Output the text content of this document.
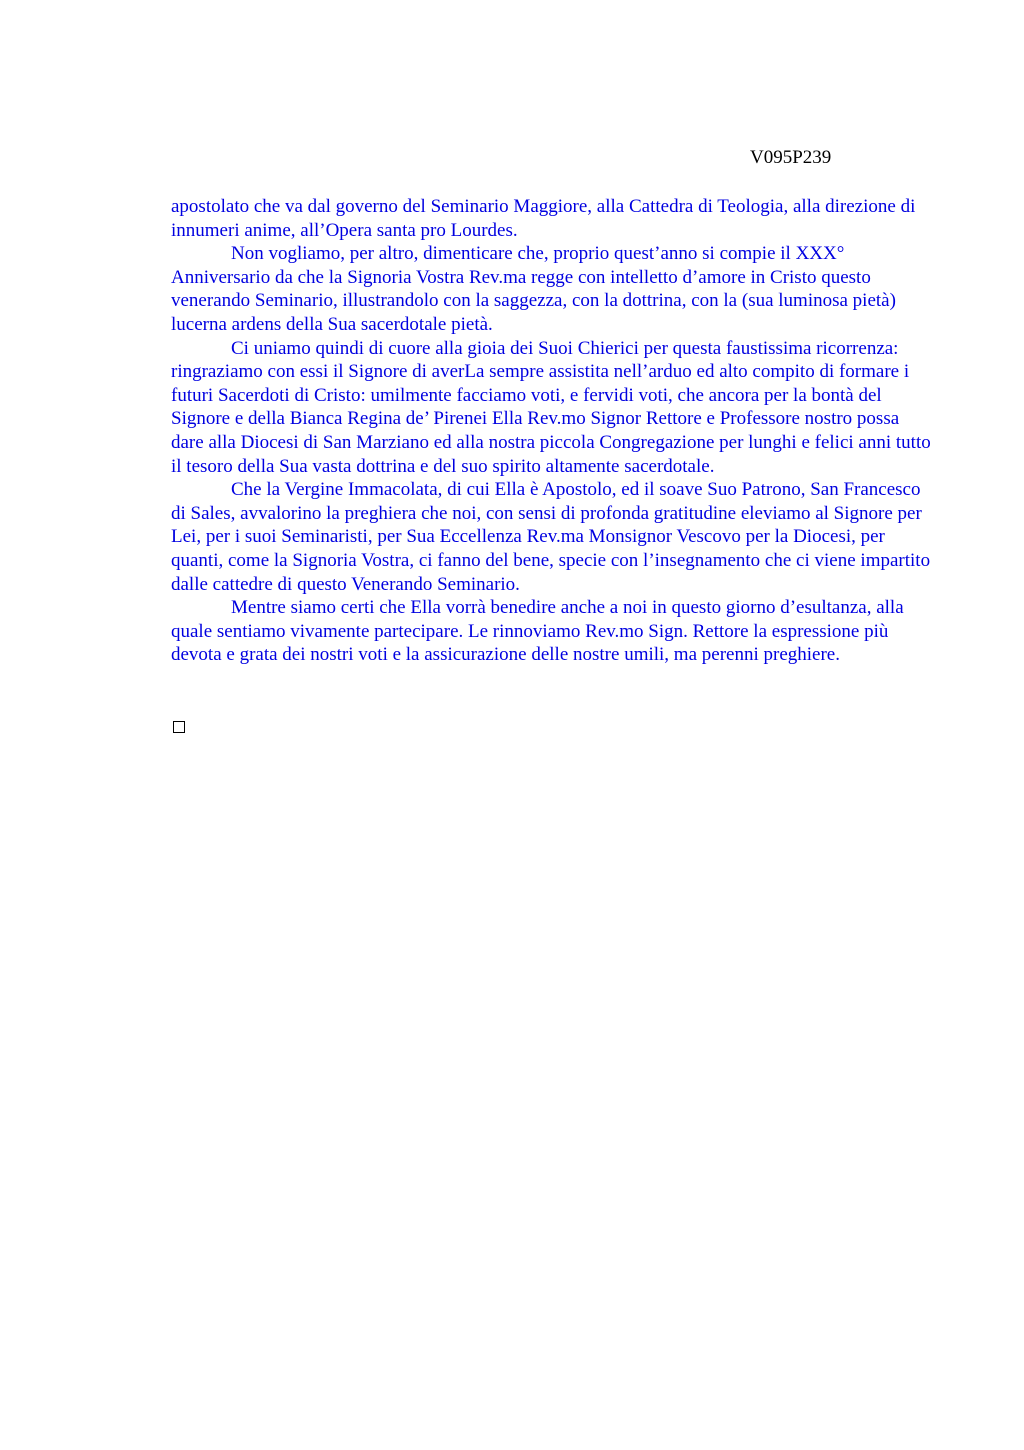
V095P239

apostolato che va dal governo del Seminario Maggiore, alla Cattedra di Teologia, alla direzione di innumeri anime, all’Opera santa pro Lourdes.

Non vogliamo, per altro, dimenticare che, proprio quest’anno si compie il XXX° Anniversario da che la Signoria Vostra Rev.ma regge con intelletto d’amore in Cristo questo venerando Seminario, illustrandolo con la saggezza, con la dottrina, con la (sua luminosa pietà) lucerna ardens della Sua sacerdotale pietà.

Ci uniamo quindi di cuore alla gioia dei Suoi Chierici per questa faustissima ricorrenza: ringraziamo con essi il Signore di averLa sempre assistita nell’arduo ed alto compito di formare i futuri Sacerdoti di Cristo: umilmente facciamo voti, e fervidi voti, che ancora per la bontà del Signore e della Bianca Regina de’ Pirenei Ella Rev.mo Signor Rettore e Professore nostro possa dare alla Diocesi di San Marziano ed alla nostra piccola Congregazione per lunghi e felici anni tutto il tesoro della Sua vasta dottrina e del suo spirito altamente sacerdotale.

Che la Vergine Immacolata, di cui Ella è Apostolo, ed il soave Suo Patrono, San Francesco di Sales, avvalorino la preghiera che noi, con sensi di profonda gratitudine eleviamo al Signore per Lei, per i suoi Seminaristi, per Sua Eccellenza Rev.ma Monsignor Vescovo per la Diocesi, per quanti, come la Signoria Vostra, ci fanno del bene, specie con l’insegnamento che ci viene impartito dalle cattedre di questo Venerando Seminario.

Mentre siamo certi che Ella vorrà benedire anche a noi in questo giorno d’esultanza, alla quale sentiamo vivamente partecipare. Le rinnoviamo Rev.mo Sign. Rettore la espressione più devota e grata dei nostri voti e la assicurazione delle nostre umili, ma perenni preghiere.
